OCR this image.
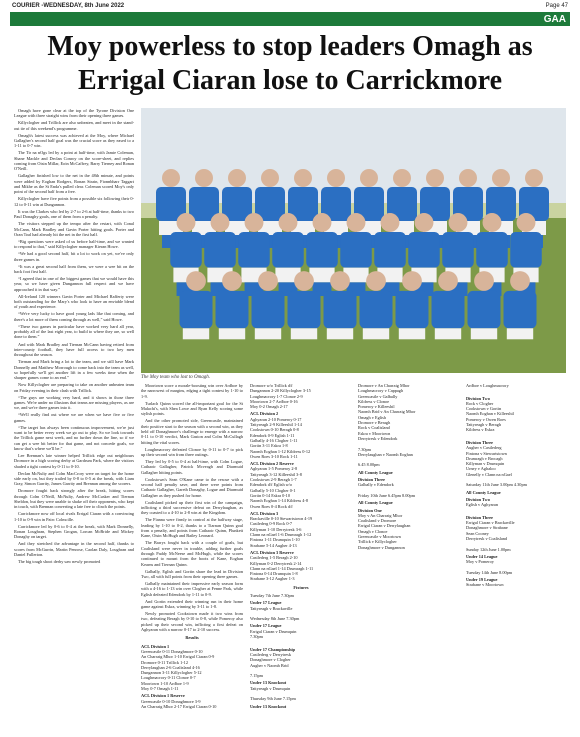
COURIER -WEDNESDAY, 8th June 2022	Page 47
GAA
Moy powerless to stop leaders Omagh as Errigal Ciaran lose to Carrickmore

Omagh have gone clear at the top of the Tyrone Division One League with three straight wins from their opening three games.

Killyclogher and Trillick are also unbeaten, and meet in the stand-out tie of this weekend's programme.

Omagh's latest success was achieved at the Moy, where Michael Gallagher's second half goal was the crucial score as they eased to a 1-11 to 0-7 win.

The Tir na nOgs led by a point at half-time, with Jamie Coleman, Shane Mackle and Declan Conroy on the score-sheet, and replies coming from Oisin Millar, Eoin McCaffrey, Barry Tierney and Ronan O'Neill.

Gallagher finished low to the net in the 48th minute, and points were added by Eoghan Rodgers, Ronan Strain, Fionnbharr Taggart and Mikhe as the St Enda's pulled clear. Coleman scored Moy's only point of the second half from a free.

Killyclogher have five points from a possible six following their 0-12 to 0-11 win at Dungannon.

It was the Clarkes who led by 2-7 to 2-6 at half-time, thanks to two Paul Donaghy goals, one of them from a penalty.

The visitors stepped up the tempo after the restart, with Conal McCann, Mark Bradley and Gavin Porter hitting goals. Porter and Oran Toal had already hit the net in the first half.

“Big questions were asked of us before half-time, and we wanted to respond to that,” said Killyclogher manager Kieran Howe.

“We had a good second half, bit a lot to work on yet, we've only three games in.

“It was a great second half from them, we were a wee bit on the back foot first half.

“I agreed that in one of the biggest games that we would have this year, so we have given Dungannon full respect and we have approached it in that way.”

All-Ireland 120 winners Gavin Porter and Michael Rafferty were both outstanding for the Mary's who look to have an enviable blend of youth and experience.

“We're very lucky to have good young lads like that coming, and there's a lot more of them coming through as well,” said Howe.

“These two games in particular have worked very hard all year, probably all of the last eight year, to build to where they are, so well done to them.”

And with Mark Bradley and Tiernan McCann having retired from inter-county football, they have full access to two key men throughout the season.

Tiernan and Mark bring a lot to the team, and we still have Mark Donnelly and Matthew Morrough to come back into the team as well, so hopefully we'll get another lift in a few weeks time when the sharper games come to an end.”

Now Killyclogher are preparing to take on another unbeaten team on Friday evening in their clash with Trillick.

“The guys are working very hard, and it shows in those three games. We're under no illusions that teams are missing players, as are we, and we're three games into it.

“We'll really find out where we are when we have five or five games.

“The target has always been continuous improvement, we're just want to be better every week we go out to play. So we look towards the Trillick game next week, and no further down the line, so if we can get a wee bit better for that game, and not concede goals, we know that's where we'll be.”

Lee Brennan's late winner helped Trillick edge out neighbours Dromore in a high scoring derby at Gardrum Park, where the visitors shaded a tight contest by 0-11 to 0-10.

Declan McNulty and Colm MacCrory were on target for the home side early on, but they trailed by 0-8 to 0-5 at the break, with Liam Gray, Simon Garrity, James Garrity and Brennan among the scorers.

Dromore fought back strongly after the break, hitting scores through Colm O'Neill, McNulty, Andrew McCusker and Tiernan Sheldon, but they were unable to shake off their opponents, who kept in touch, with Brennan converting a late free to clinch the points.

Carrickmore now off local rivals Errigal Ciaran with a convincing 1-10 to 0-9 win in Pairc Colmcille.

Carrickmore led by 0-6 to 0-4 at the break, with Mark Donnelly, Ronan Loughran, Stephen Grogan, Lorcan McBride and Mickey Donaghy on target.

And they stretched the advantage in the second half, thanks to scores from McGurrin, Martin Penrose, Caolan Daly, Loughran and Daniel Fullerton.

The big tough shoot derby saw newly promoted

The Moy team who lost to Omagh.

Moortown score a morale-boosting win over Ardboe by the narrowest of margins, edging a tight contest by 1-10 to 1-9.

Turlach Quinn scored the all-important goal for the St Malachi's, with Shea Lowe and Ryan Kelly scoring some stylish points.

And the other promoted side, Greencastle, maintained their positive start to the season with a second win, as they held off Donaghmore's challenge to emerge with a narrow 0-11 to 0-10 verdict, Mark Gaston and Colm McCullagh hitting the vital scores.

Loughmacrory defeated Clonoe by 0-11 to 0-7 to pick up their second win from three outings.

They led by 0-5 to 0-4 at half-time, with Colm Logue, Cathaoir Gallagher, Patrick Mcveagh and Diarmuid Gallagher hitting points.

Cookstown's Sean O'Kane came to the rescue with a second half penalty save, and there were points from Cathaoir Gallagher, Gareth Donaghy, Logue and Diarmuid Gallagher as they pushed for home.

Coalisland picked up their first win of the campaign, inflicting a third successive defeat on Derrylaughan, as they coasted to a 4-10 to 2-8 win at the Kingdom.

The Fianna were firmly in control at the halfway stage, leading by 1-10 to 0-2, thanks to a Tiarnan Quinn goal from a penalty, and points from Cathaoir Quinn, Plunkett Kane, Oisin McHugh and Bailey Leonard.

The Barrys fought back with a couple of goals, but Coalisland were never in trouble, adding further goals through Paddy McNeese and McHugh, while the scores continued to mount from the boots of Kane, Eoghan Kearns and Tiernan Quinn.

Galbally, Eglish and Gortin share the lead in Division Two, all with full points from their opening three games.

Galbally maintained their impressive early season form with a 4-16 to 1-13 win over Clogher at Fenne Park, while Eglish defeated Edendork by 1-11 to 0-9.

And Gortin extended their winning run in their home game against Eskra, winning by 3-11 to 1-8.

Newly promoted Cookstown made it two wins from two, defeating Beragh by 0-10 to 0-8, while Pomeroy also picked up their second win, inflicting a first defeat on Aghyaran with a narrow 0-17 to 2-10 success.

Results
ACL Division 1
Greencastle 0-11 Donaghmore 0-10
An Charraig Mhor 1-10 Errigal Ciaran 0-9
Dromore 0-11 Trillick 1-12
Derrylaughan 2-6 Coalisland 4-16
Dungannon 3-11 Killyclogher 5-12
Loughmacrory 0-11 Clonoe 0-7
Moortown 1-10 Ardboe 1-9
Moy 0-7 Omagh 1-11
ACL Division 1 Reserve
Greencastle 0-10 Donaghmore 3-9
An Charraig Mhor 2-17 Errigal Ciaran 0-10
Dromore w/o Trillick d/f
Dungannon 2-20 Killyclogher 3-15
Loughmacrory 1-7 Clonoe 2-9
Moortown 2-7 Ardboe 0-16
Moy 0-2 Omagh 2-17
ACL Division 2
Aghyaran 2-10 Pomeroy 0-17
Tattyreagh 2-9 Killeeshil 1-14
Cookstown 0-10 Beragh 0-8
Edendork 0-9 Eglish 1-11
Galbally 4-16 Clogher 1-11
Gortin 3-11 Eskra 1-8
Naomh Eoghan 1-12 Kildress 0-12
Owen Roes 3-10 Rock 1-11
ACL Division 2 Reserve
Aghyaran 1-5 Pomeroy 2-8
Tattyreagh 3-12 Killeeshil 3-8
Cookstown 2-9 Beragh 1-7
Edendork d/f Eglish w/o
Galbally 5-10 Clogher 0-1
Gortin 0-14 Eskra 0-10
Naomh Eoghan 1-14 Kildress 4-8
Owen Roes 0-4 Rock d/f
ACL Division 3
Brackaville 0-10 Stewartstown 4-19
Castlederg 0-9 Rock 0-7
Killyman 1-10 Derrytresk 3-6
Clann na nGael 1-6 Drumragh 1-12
Fintona 1-11 Drumquin 1-10
Strabane 5-14 Augher 4-13
ACL Division 3 Reserve
Castlederg 1-5 Beragh 2-10
Killyman 0-2 Derrytresk 2-14
Clann na nGael 1-14 Drumragh 1-11
Fintona 0-14 Drumquin 1-8
Strabane 3-12 Augher 1-3
Fixtures
Tuesday 7th June 7.30pm
Under 17 League
Tattyreagh v Brackaville

Wednesday 8th June 7.30pm
Under 17 League
Errigal Ciaran v Drumquin
7.30pm

Under 17 Championship
Castlederg v Derrytresk
Donaghmore v Clogher
Augher v Naomh Brid

7.15pm
Under 13 Knockout
Tattyreagh v Drumquin

Thursday 9th June 7.15pm
Under 13 Knockout
Dromore v An Charraig Mhor
Loughmacrory v Cappagh
Greencastle v Galbally
Kildress v Clonoe
Pomeroy v Killeeshil
Naomh Brid v An Charraig Mhor
Omagh v Eglish
Dromore v Beragh
Rock v Coalisland
Eskra v Moortown
Derrytresk v Edendork

7.30pm
Derrylaughan v Naomh Eoghan

6.45 8.00pm
All County League
Division Three
Galbally v Edendork

Friday 10th June 6.45pm 8.00pm
All County League
Division One
Moy v An Charraig Mhor
Coalisland v Dromore
Errigal Ciaran v Derrylaughan
Omagh v Clonoe
Greencastle v Moortown
Trillick v Killyclogher
Donaghmore v Dungannon
Ardboe v Loughmacrory

Division Two
Rock v Clogher
Cookstown v Gortin
Naomh Eoghan v Killeeshil
Pomeroy v Owen Roes
Tattyreagh v Beragh
Kildress v Eskra

Division Three
Augher v Castlederg
Fintona v Stewartstown
Drumragh v Brocagh
Killyman v Drumquin
Urney v Aghaloo
Glenelly v Clann na nGael

Saturday 11th June 3.00pm 4.30pm
All County League
Division Two
Eglish v Aghyaran

Division Three
Errigal Ciaran v Brackaville
Donaghmore v Strabane
Sean Cooney
Derrytresk v Coalisland

Sunday 12th June 1.00pm
Under 14 League
Moy v Pomeroy

Tuesday 14th June 8.00pm
Under 19 League
Strabane v Moortown
